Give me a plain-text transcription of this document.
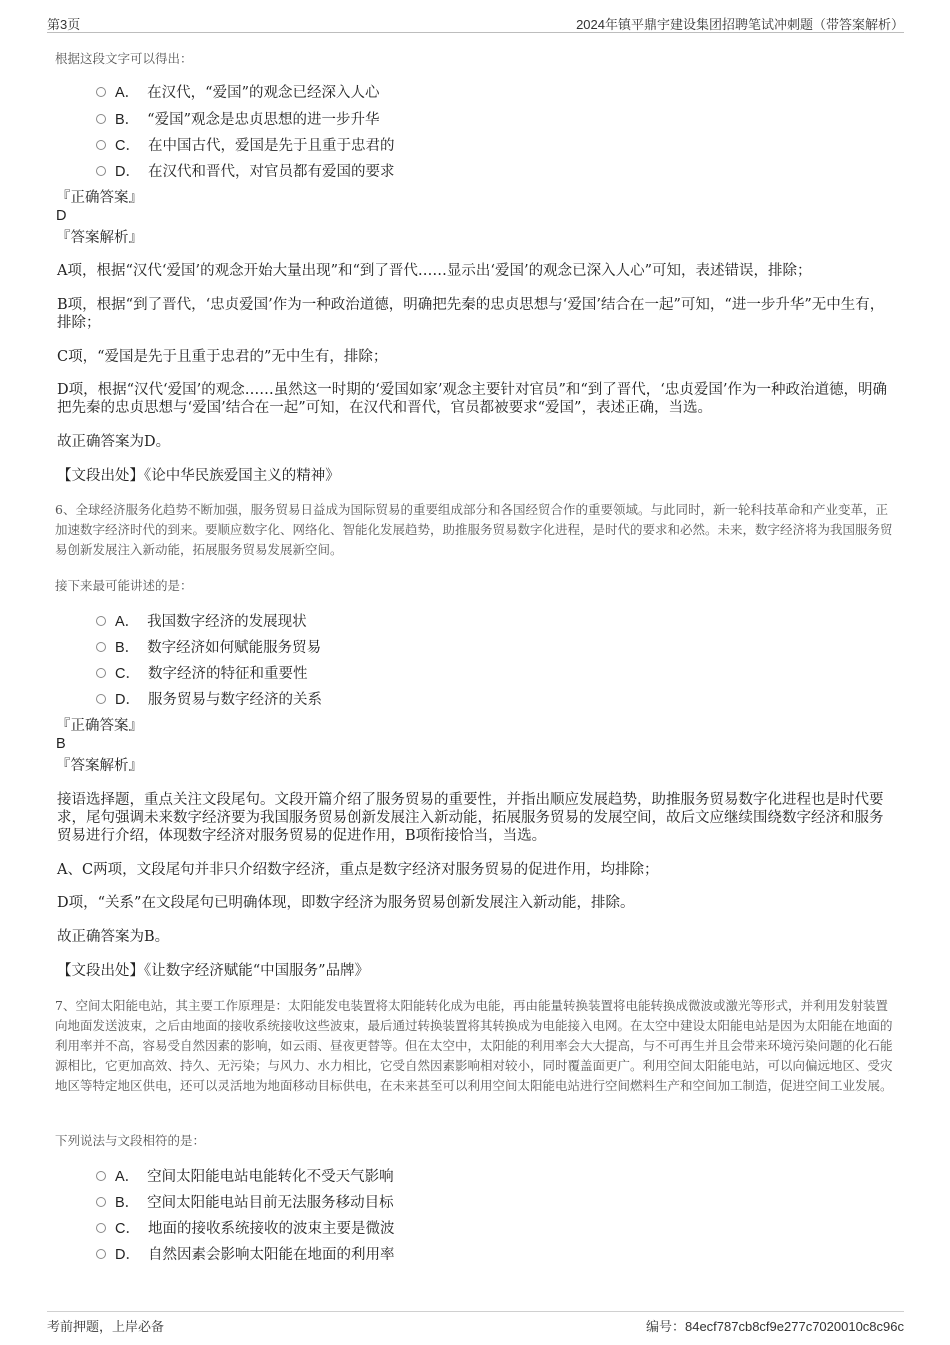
第3页	2024年镇平鼎宇建设集团招聘笔试冲刺题（带答案解析）
根据这段文字可以得出：
A． 在汉代，“爱国”的观念已经深入人心
B． “爱国”观念是忠贞思想的进一步升华
C． 在中国古代，爱国是先于且重于忠君的
D． 在汉代和晋代，对官员都有爱国的要求
『正确答案』
D
『答案解析』
A项，根据“汉代‘爱国’的观念开始大量出现”和“到了晋代……显示出‘爱国’的观念已深入人心”可知，表述错误，排除；
B项，根据“到了晋代，‘忠贞爱国’作为一种政治道德，明确把先秦的忠贞思想与‘爱国’结合在一起”可知，“进一步升华”无中生有，排除；
C项，“爱国是先于且重于忠君的”无中生有，排除；
D项，根据“汉代‘爱国’的观念……虽然这一时期的‘爱国如家’观念主要针对官员”和“到了晋代，‘忠贞爱国’作为一种政治道德，明确把先秦的忠贞思想与‘爱国’结合在一起”可知，在汉代和晋代，官员都被要求“爱国”，表述正确，当选。
故正确答案为D。
【文段出处】《论中华民族爱国主义的精神》
6、全球经济服务化趋势不断加强，服务贸易日益成为国际贸易的重要组成部分和各国经贸合作的重要领域。与此同时，新一轮科技革命和产业变革，正加速数字经济时代的到来。要顺应数字化、网络化、智能化发展趋势，助推服务贸易数字化进程，是时代的要求和必然。未来，数字经济将为我国服务贸易创新发展注入新动能，拓展服务贸易发展新空间。
接下来最可能讲述的是：
A． 我国数字经济的发展现状
B． 数字经济如何赋能服务贸易
C． 数字经济的特征和重要性
D． 服务贸易与数字经济的关系
『正确答案』
B
『答案解析』
接语选择题，重点关注文段尾句。文段开篇介绍了服务贸易的重要性，并指出顺应发展趋势，助推服务贸易数字化进程也是时代要求，尾句强调未来数字经济要为我国服务贸易创新发展注入新动能，拓展服务贸易的发展空间，故后文应继续围绕数字经济和服务贸易进行介绍，体现数字经济对服务贸易的促进作用，B项衔接恰当，当选。
A、C两项，文段尾句并非只介绍数字经济，重点是数字经济对服务贸易的促进作用，均排除；
D项，“关系”在文段尾句已明确体现，即数字经济为服务贸易创新发展注入新动能，排除。
故正确答案为B。
【文段出处】《让数字经济赋能“中国服务”品牌》
7、空间太阳能电站，其主要工作原理是：太阳能发电装置将太阳能转化成为电能，再由能量转换装置将电能转换成微波或激光等形式，并利用发射装置向地面发送波束，之后由地面的接收系统接收这些波束，最后通过转换装置将其转换成为电能接入电网。在太空中建设太阳能电站是因为太阳能在地面的利用率并不高，容易受自然因素的影响，如云雨、昼夜更替等。但在太空中，太阳能的利用率会大大提高，与不可再生并且会带来环境污染问题的化石能源相比，它更加高效、持久、无污染；与风力、水力相比，它受自然因素影响相对较小，同时覆盖面更广。利用空间太阳能电站，可以向偏远地区、受灾地区等特定地区供电，还可以灵活地为地面移动目标供电，在未来甚至可以利用空间太阳能电站进行空间燃料生产和空间加工制造，促进空间工业发展。
下列说法与文段相符的是：
A． 空间太阳能电站电能转化不受天气影响
B． 空间太阳能电站目前无法服务移动目标
C． 地面的接收系统接收的波束主要是微波
D． 自然因素会影响太阳能在地面的利用率
考前押题，上岸必备	编号：84ecf787cb8cf9e277c7020010c8c96c
